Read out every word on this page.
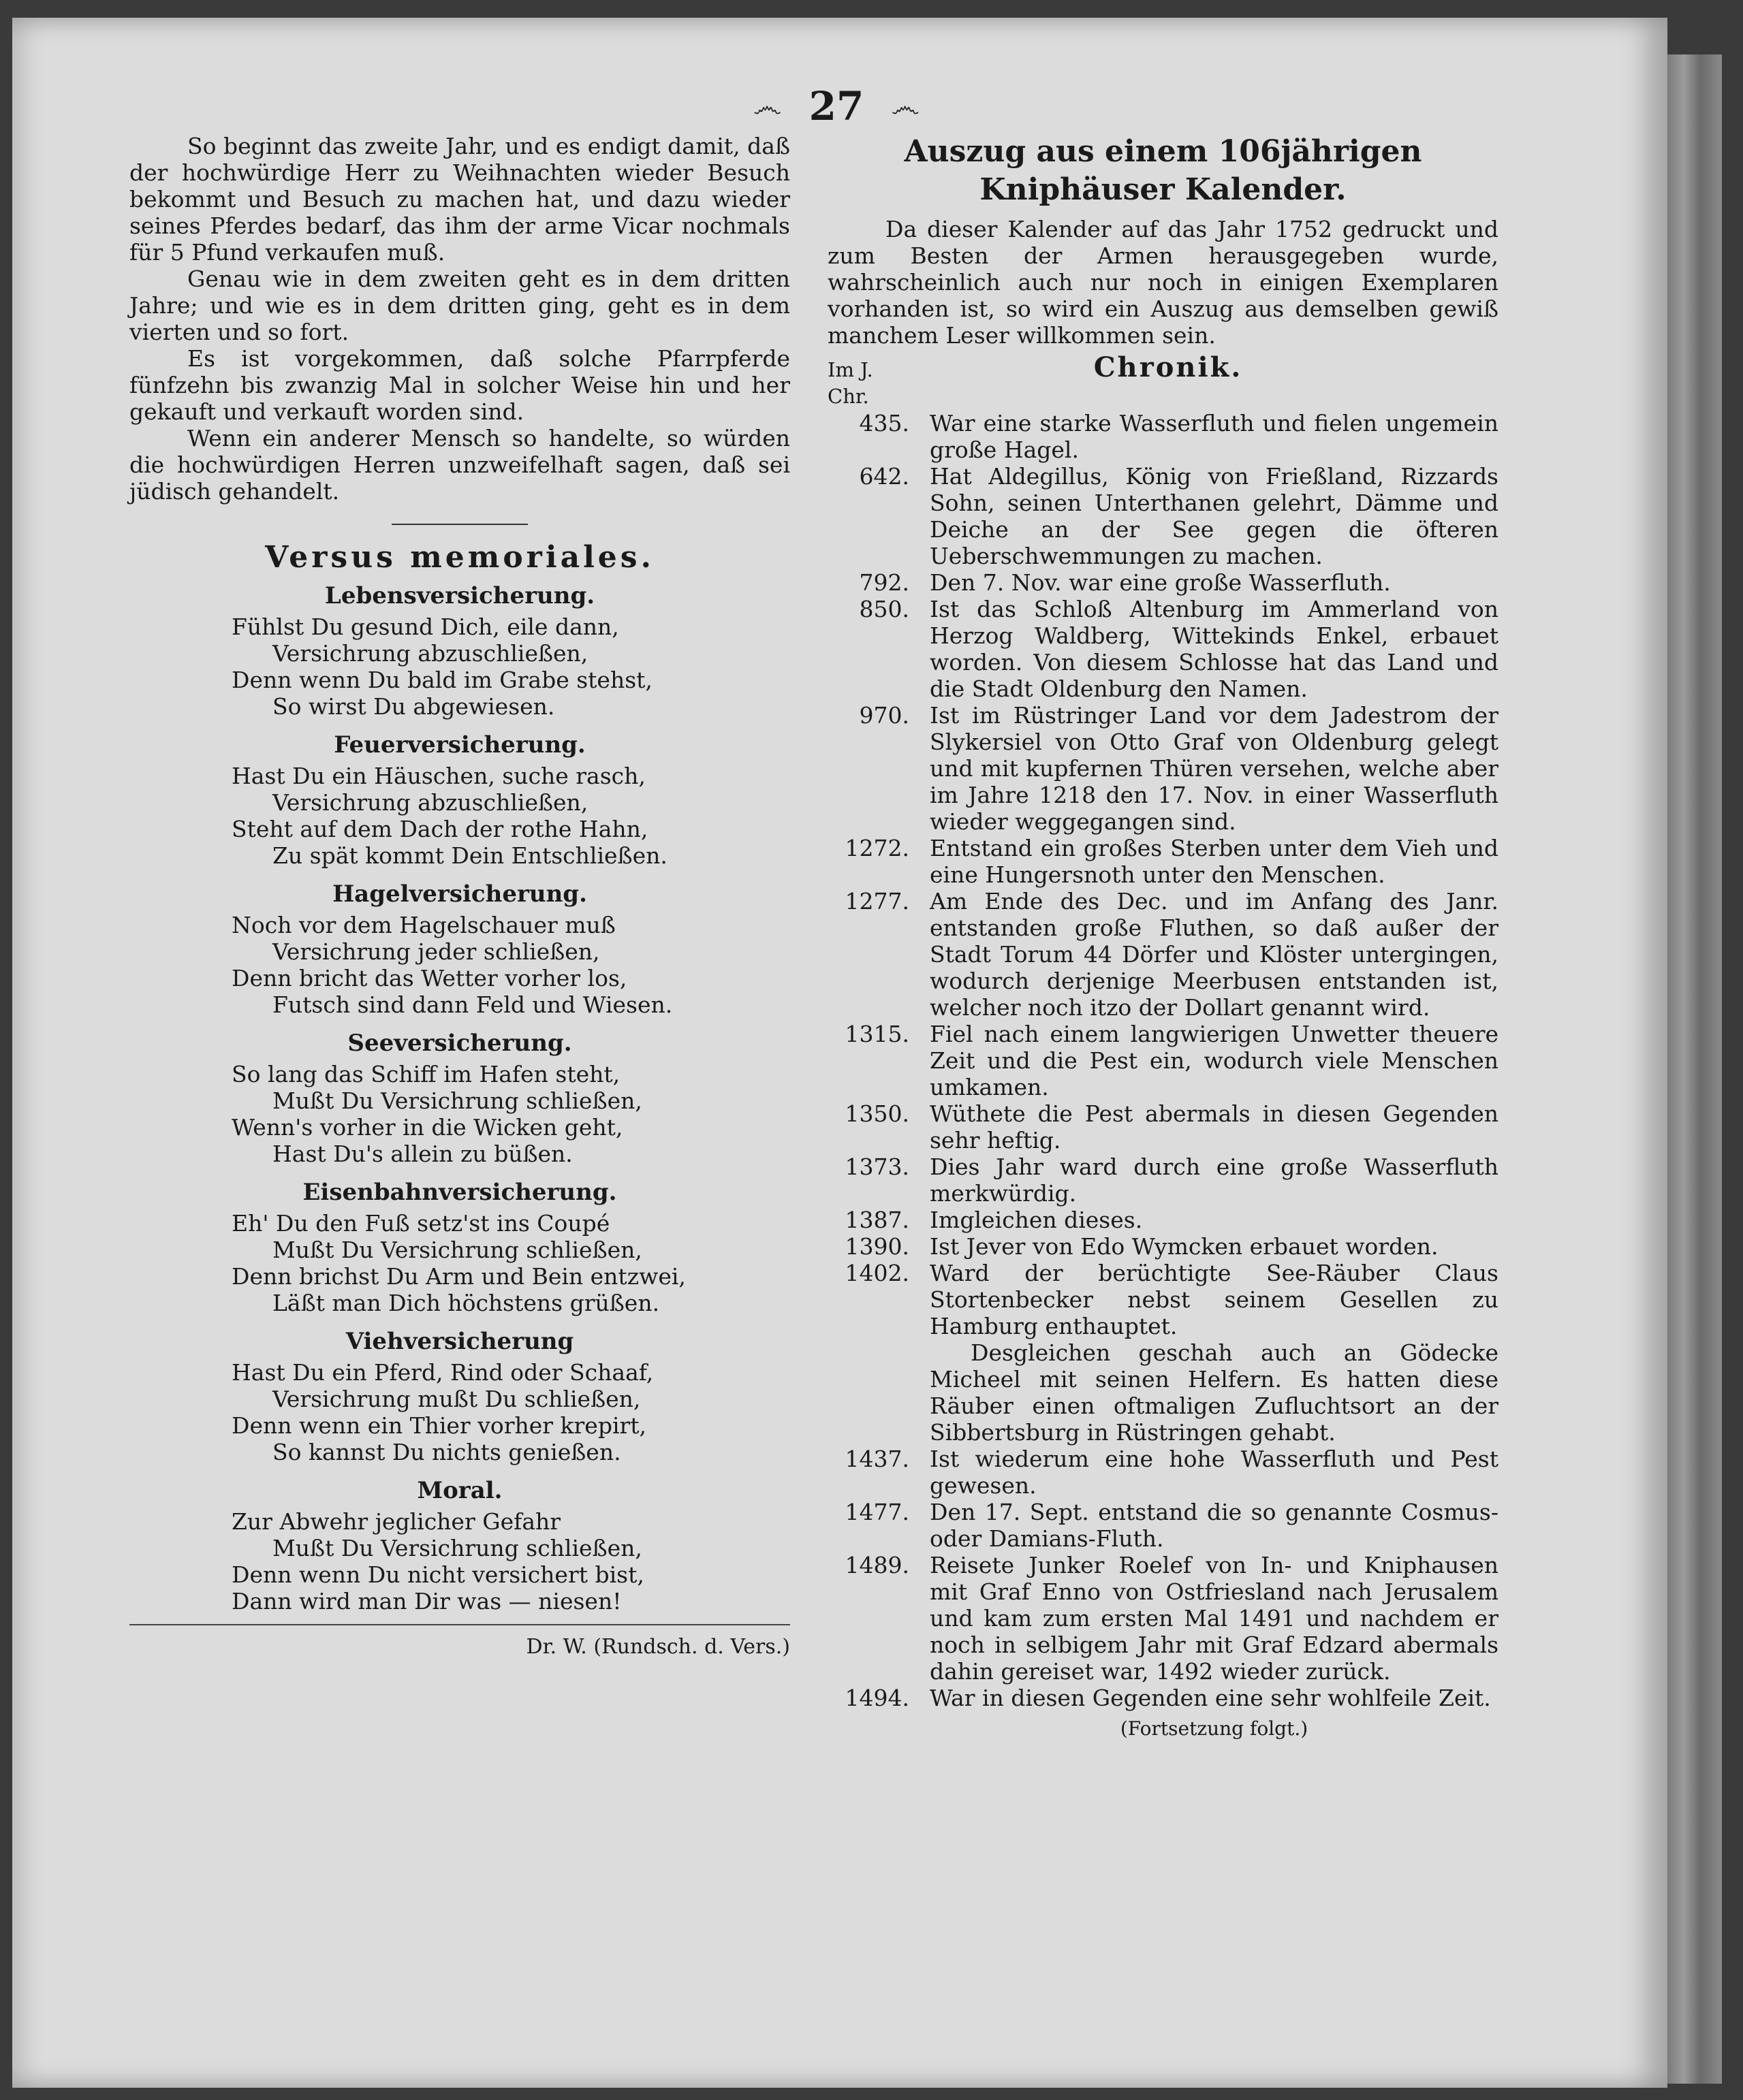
෴ 27 ෴

So beginnt das zweite Jahr, und es endigt damit, daß der hochwürdige Herr zu Weihnachten wieder Besuch bekommt und Besuch zu machen hat, und dazu wieder seines Pferdes bedarf, das ihm der arme Vicar nochmals für 5 Pfund verkaufen muß.

Genau wie in dem zweiten geht es in dem dritten Jahre; und wie es in dem dritten ging, geht es in dem vierten und so fort.

Es ist vorgekommen, daß solche Pfarrpferde fünfzehn bis zwanzig Mal in solcher Weise hin und her gekauft und verkauft worden sind.

Wenn ein anderer Mensch so handelte, so würden die hochwürdigen Herren unzweifelhaft sagen, daß sei jüdisch gehandelt.

Versus memoriales.
Lebensversicherung.
Fühlst Du gesund Dich, eile dann,
Versichrung abzuschließen,
Denn wenn Du bald im Grabe stehst,
So wirst Du abgewiesen.
Feuerversicherung.
Hast Du ein Häuschen, suche rasch,
Versichrung abzuschließen,
Steht auf dem Dach der rothe Hahn,
Zu spät kommt Dein Entschließen.
Hagelversicherung.
Noch vor dem Hagelschauer muß
Versichrung jeder schließen,
Denn bricht das Wetter vorher los,
Futsch sind dann Feld und Wiesen.
Seeversicherung.
So lang das Schiff im Hafen steht,
Mußt Du Versichrung schließen,
Wenn's vorher in die Wicken geht,
Hast Du's allein zu büßen.
Eisenbahnversicherung.
Eh' Du den Fuß setz'st ins Coupé
Mußt Du Versichrung schließen,
Denn brichst Du Arm und Bein entzwei,
Läßt man Dich höchstens grüßen.
Viehversicherung
Hast Du ein Pferd, Rind oder Schaaf,
Versichrung mußt Du schließen,
Denn wenn ein Thier vorher krepirt,
So kannst Du nichts genießen.
Moral.
Zur Abwehr jeglicher Gefahr
Mußt Du Versichrung schließen,
Denn wenn Du nicht versichert bist,
Dann wird man Dir was — niesen!
Dr. W. (Rundsch. d. Vers.)
Auszug aus einem 106jährigen
Kniphäuser Kalender.

Da dieser Kalender auf das Jahr 1752 gedruckt und zum Besten der Armen herausgegeben wurde, wahrscheinlich auch nur noch in einigen Exemplaren vorhanden ist, so wird ein Auszug aus demselben gewiß manchem Leser willkommen sein.

Im J. Chr.
Chronik.
435. War eine starke Wasserfluth und fielen ungemein große Hagel.
642. Hat Aldegillus, König von Frießland, Rizzards Sohn, seinen Unterthanen gelehrt, Dämme und Deiche an der See gegen die öfteren Ueberschwemmungen zu machen.
792. Den 7. Nov. war eine große Wasserfluth.
850. Ist das Schloß Altenburg im Ammerland von Herzog Waldberg, Wittekinds Enkel, erbauet worden. Von diesem Schlosse hat das Land und die Stadt Oldenburg den Namen.
970. Ist im Rüstringer Land vor dem Jadestrom der Slykersiel von Otto Graf von Oldenburg gelegt und mit kupfernen Thüren versehen, welche aber im Jahre 1218 den 17. Nov. in einer Wasserfluth wieder weggegangen sind.
1272. Entstand ein großes Sterben unter dem Vieh und eine Hungersnoth unter den Menschen.
1277. Am Ende des Dec. und im Anfang des Janr. entstanden große Fluthen, so daß außer der Stadt Torum 44 Dörfer und Klöster untergingen, wodurch derjenige Meerbusen entstanden ist, welcher noch itzo der Dollart genannt wird.
1315. Fiel nach einem langwierigen Unwetter theuere Zeit und die Pest ein, wodurch viele Menschen umkamen.
1350. Wüthete die Pest abermals in diesen Gegenden sehr heftig.
1373. Dies Jahr ward durch eine große Wasserfluth merkwürdig.
1387. Imgleichen dieses.
1390. Ist Jever von Edo Wymcken erbauet worden.
1402. Ward der berüchtigte See-Räuber Claus Stortenbecker nebst seinem Gesellen zu Hamburg enthauptet.
Desgleichen geschah auch an Gödecke Micheel mit seinen Helfern. Es hatten diese Räuber einen oftmaligen Zufluchtsort an der Sibbertsburg in Rüstringen gehabt.
1437. Ist wiederum eine hohe Wasserfluth und Pest gewesen.
1477. Den 17. Sept. entstand die so genannte Cosmus- oder Damians-Fluth.
1489. Reisete Junker Roelef von In- und Kniphausen mit Graf Enno von Ostfriesland nach Jerusalem und kam zum ersten Mal 1491 und nachdem er noch in selbigem Jahr mit Graf Edzard abermals dahin gereiset war, 1492 wieder zurück.
1494. War in diesen Gegenden eine sehr wohlfeile Zeit.
(Fortsetzung folgt.)
